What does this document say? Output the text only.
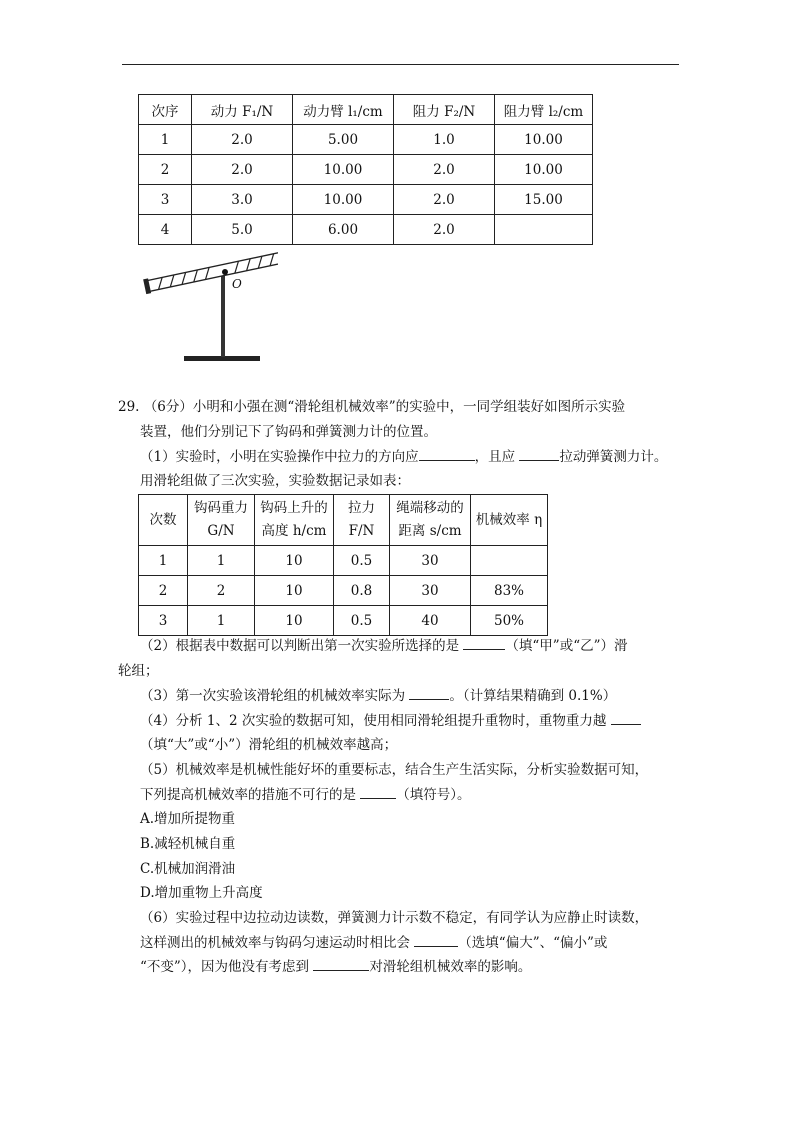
次序	动力 F₁/N	动力臂 l₁/cm	阻力 F₂/N	阻力臂 l₂/cm
1	2.0	5.00	1.0	10.00
2	2.0	10.00	2.0	10.00
3	3.0	10.00	2.0	15.00
4	5.0	6.00	2.0	
O
29. （6分）小明和小强在测“滑轮组机械效率”的实验中，一同学组装好如图所示实验
装置，他们分别记下了钩码和弹簧测力计的位置。
（1）实验时，小明在实验操作中拉力的方向应	，且应	拉动弹簧测力计。
用滑轮组做了三次实验，实验数据记录如表：
次数	钩码重力 G/N	钩码上升的高度 h/cm	拉力 F/N	绳端移动的距离 s/cm	机械效率 η
1	1	10	0.5	30	
2	2	10	0.8	30	83%
3	1	10	0.5	40	50%
（2）根据表中数据可以判断出第一次实验所选择的是	（填“甲”或“乙”）滑
轮组；
（3）第一次实验该滑轮组的机械效率实际为	。（计算结果精确到 0.1%）
（4）分析 1、2 次实验的数据可知，使用相同滑轮组提升重物时，重物重力越
（填“大”或“小”）滑轮组的机械效率越高；
（5）机械效率是机械性能好坏的重要标志，结合生产生活实际，分析实验数据可知，
下列提高机械效率的措施不可行的是	（填符号）。
A.增加所提物重
B.减轻机械自重
C.机械加润滑油
D.增加重物上升高度
（6）实验过程中边拉动边读数，弹簧测力计示数不稳定，有同学认为应静止时读数，
这样测出的机械效率与钩码匀速运动时相比会	（选填“偏大”、“偏小”或
“不变”），因为他没有考虑到	对滑轮组机械效率的影响。
